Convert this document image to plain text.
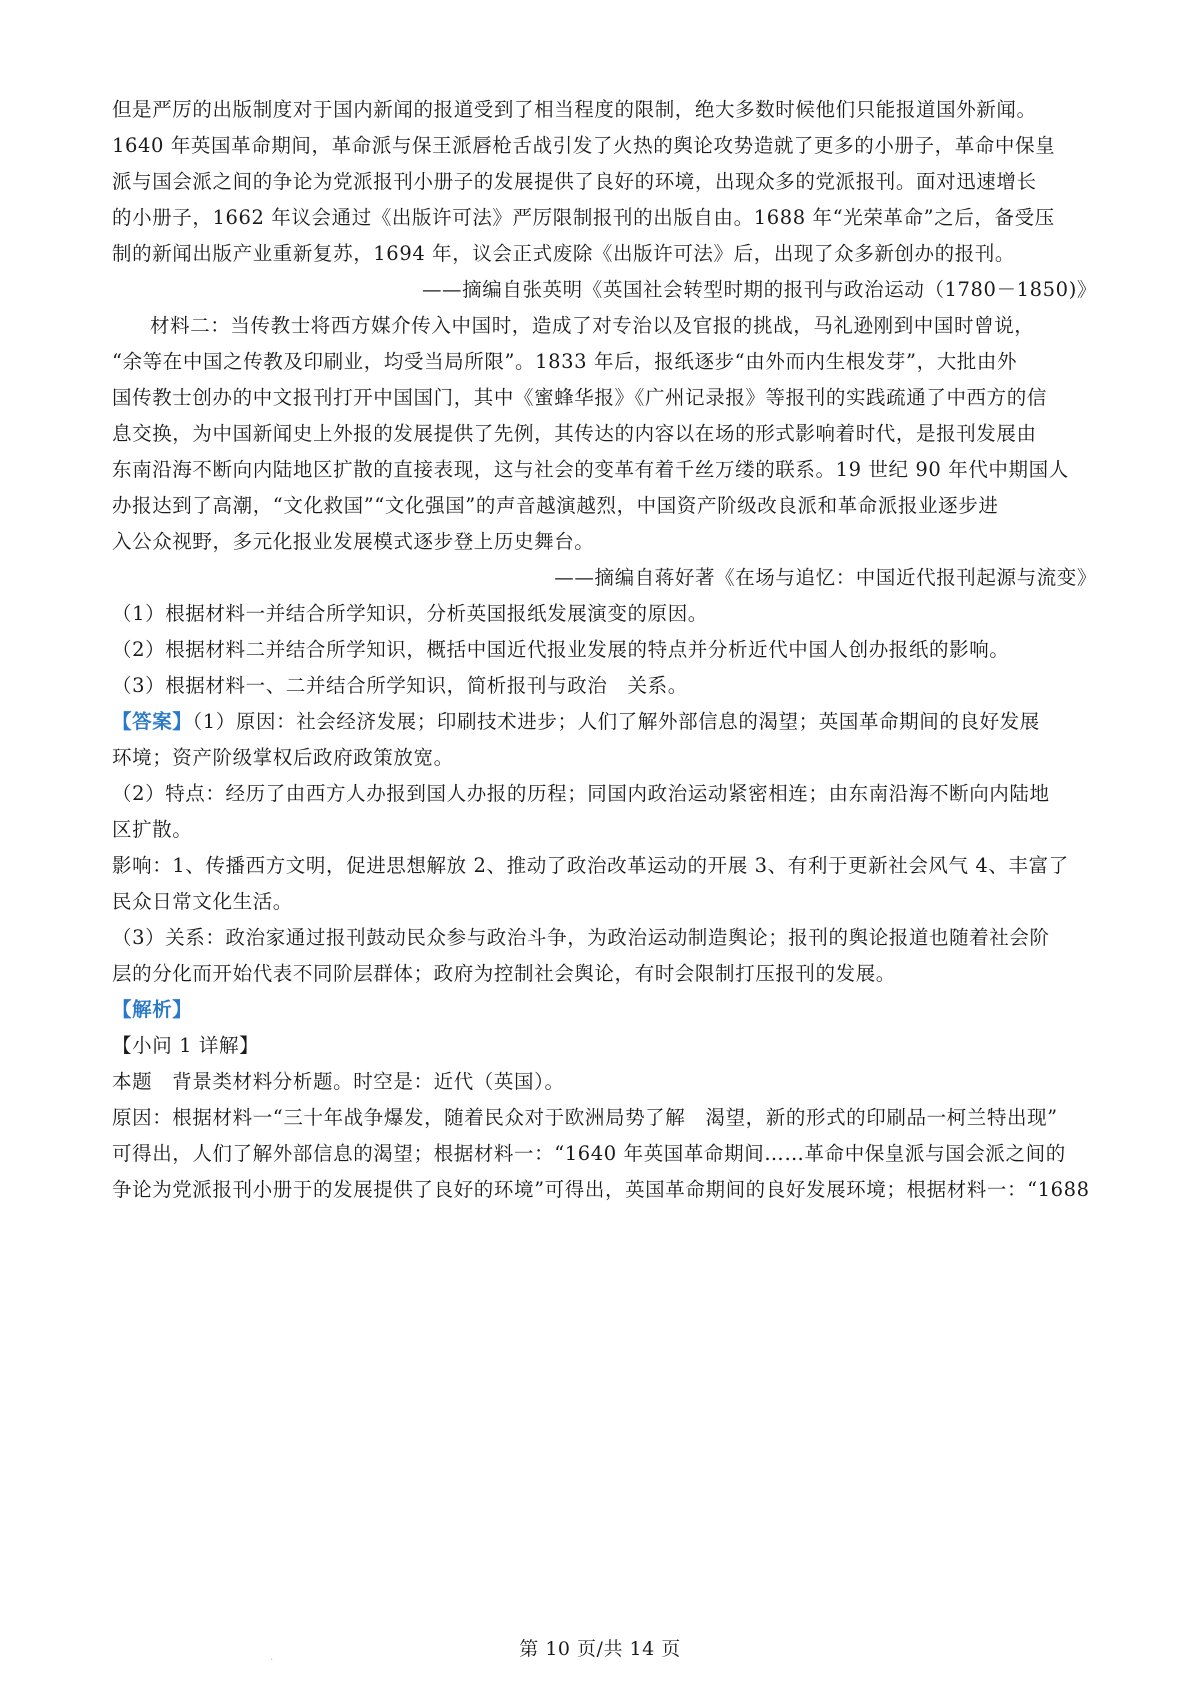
但是严厉的出版制度对于国内新闻的报道受到了相当程度的限制，绝大多数时候他们只能报道国外新闻。
1640 年英国革命期间，革命派与保王派唇枪舌战引发了火热的舆论攻势造就了更多的小册子，革命中保皇
派与国会派之间的争论为党派报刊小册子的发展提供了良好的环境，出现众多的党派报刊。面对迅速增长
的小册子，1662 年议会通过《出版许可法》严厉限制报刊的出版自由。1688 年“光荣革命”之后，备受压
制的新闻出版产业重新复苏，1694 年，议会正式废除《出版许可法》后，出现了众多新创办的报刊。
——摘编自张英明《英国社会转型时期的报刊与政治运动（1780－1850)》
材料二：当传教士将西方媒介传入中国时，造成了对专治以及官报的挑战，马礼逊刚到中国时曾说，
“余等在中国之传教及印刷业，均受当局所限”。1833 年后，报纸逐步“由外而内生根发芽”，大批由外
国传教士创办的中文报刊打开中国国门，其中《蜜蜂华报》《广州记录报》等报刊的实践疏通了中西方的信
息交换，为中国新闻史上外报的发展提供了先例，其传达的内容以在场的形式影响着时代，是报刊发展由
东南沿海不断向内陆地区扩散的直接表现，这与社会的变革有着千丝万缕的联系。19 世纪 90 年代中期国人
办报达到了高潮，“文化救国”“文化强国”的声音越演越烈，中国资产阶级改良派和革命派报业逐步进
入公众视野，多元化报业发展模式逐步登上历史舞台。
——摘编自蒋好著《在场与追忆：中国近代报刊起源与流变》
（1）根据材料一并结合所学知识，分析英国报纸发展演变的原因。
（2）根据材料二并结合所学知识，概括中国近代报业发展的特点并分析近代中国人创办报纸的影响。
（3）根据材料一、二并结合所学知识，简析报刊与政治　关系。
【答案】（1）原因：社会经济发展；印刷技术进步；人们了解外部信息的渴望；英国革命期间的良好发展
环境；资产阶级掌权后政府政策放宽。
（2）特点：经历了由西方人办报到国人办报的历程；同国内政治运动紧密相连；由东南沿海不断向内陆地
区扩散。
影响：1、传播西方文明，促进思想解放 2、推动了政治改革运动的开展 3、有利于更新社会风气 4、丰富了
民众日常文化生活。
（3）关系：政治家通过报刊鼓动民众参与政治斗争，为政治运动制造舆论；报刊的舆论报道也随着社会阶
层的分化而开始代表不同阶层群体；政府为控制社会舆论，有时会限制打压报刊的发展。
【解析】
【小问 1 详解】
本题　背景类材料分析题。时空是：近代（英国）。
原因：根据材料一“三十年战争爆发，随着民众对于欧洲局势了解　渴望，新的形式的印刷品一柯兰特出现”
可得出，人们了解外部信息的渴望；根据材料一：“1640 年英国革命期间……革命中保皇派与国会派之间的
争论为党派报刊小册于的发展提供了良好的环境”可得出，英国革命期间的良好发展环境；根据材料一：“1688
·
第 10 页/共 14 页
